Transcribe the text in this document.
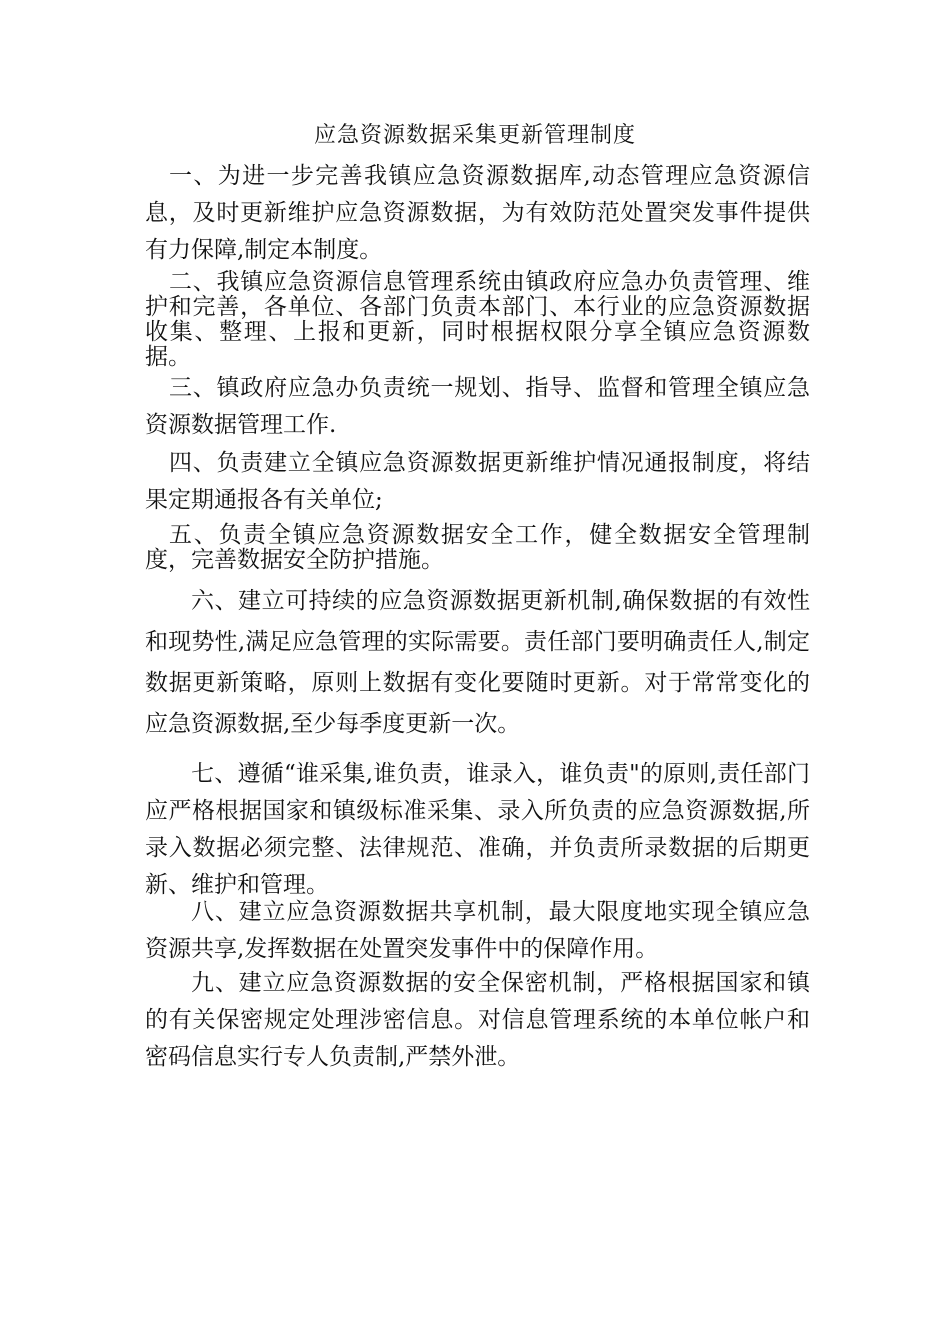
应急资源数据采集更新管理制度

一、为进一步完善我镇应急资源数据库,动态管理应急资源信息，及时更新维护应急资源数据，为有效防范处置突发事件提供有力保障,制定本制度。

二、我镇应急资源信息管理系统由镇政府应急办负责管理、维护和完善，各单位、各部门负责本部门、本行业的应急资源数据收集、整理、上报和更新，同时根据权限分享全镇应急资源数据。

三、镇政府应急办负责统一规划、指导、监督和管理全镇应急资源数据管理工作.

四、负责建立全镇应急资源数据更新维护情况通报制度，将结果定期通报各有关单位;

五、负责全镇应急资源数据安全工作，健全数据安全管理制度，完善数据安全防护措施。

六、建立可持续的应急资源数据更新机制,确保数据的有效性和现势性,满足应急管理的实际需要。责任部门要明确责任人,制定数据更新策略，原则上数据有变化要随时更新。对于常常变化的应急资源数据,至少每季度更新一次。

七、遵循“谁采集,谁负责，谁录入，谁负责"的原则,责任部门应严格根据国家和镇级标准采集、录入所负责的应急资源数据,所录入数据必须完整、法律规范、准确，并负责所录数据的后期更新、维护和管理。

八、建立应急资源数据共享机制，最大限度地实现全镇应急资源共享,发挥数据在处置突发事件中的保障作用。

九、建立应急资源数据的安全保密机制，严格根据国家和镇的有关保密规定处理涉密信息。对信息管理系统的本单位帐户和密码信息实行专人负责制,严禁外泄。
